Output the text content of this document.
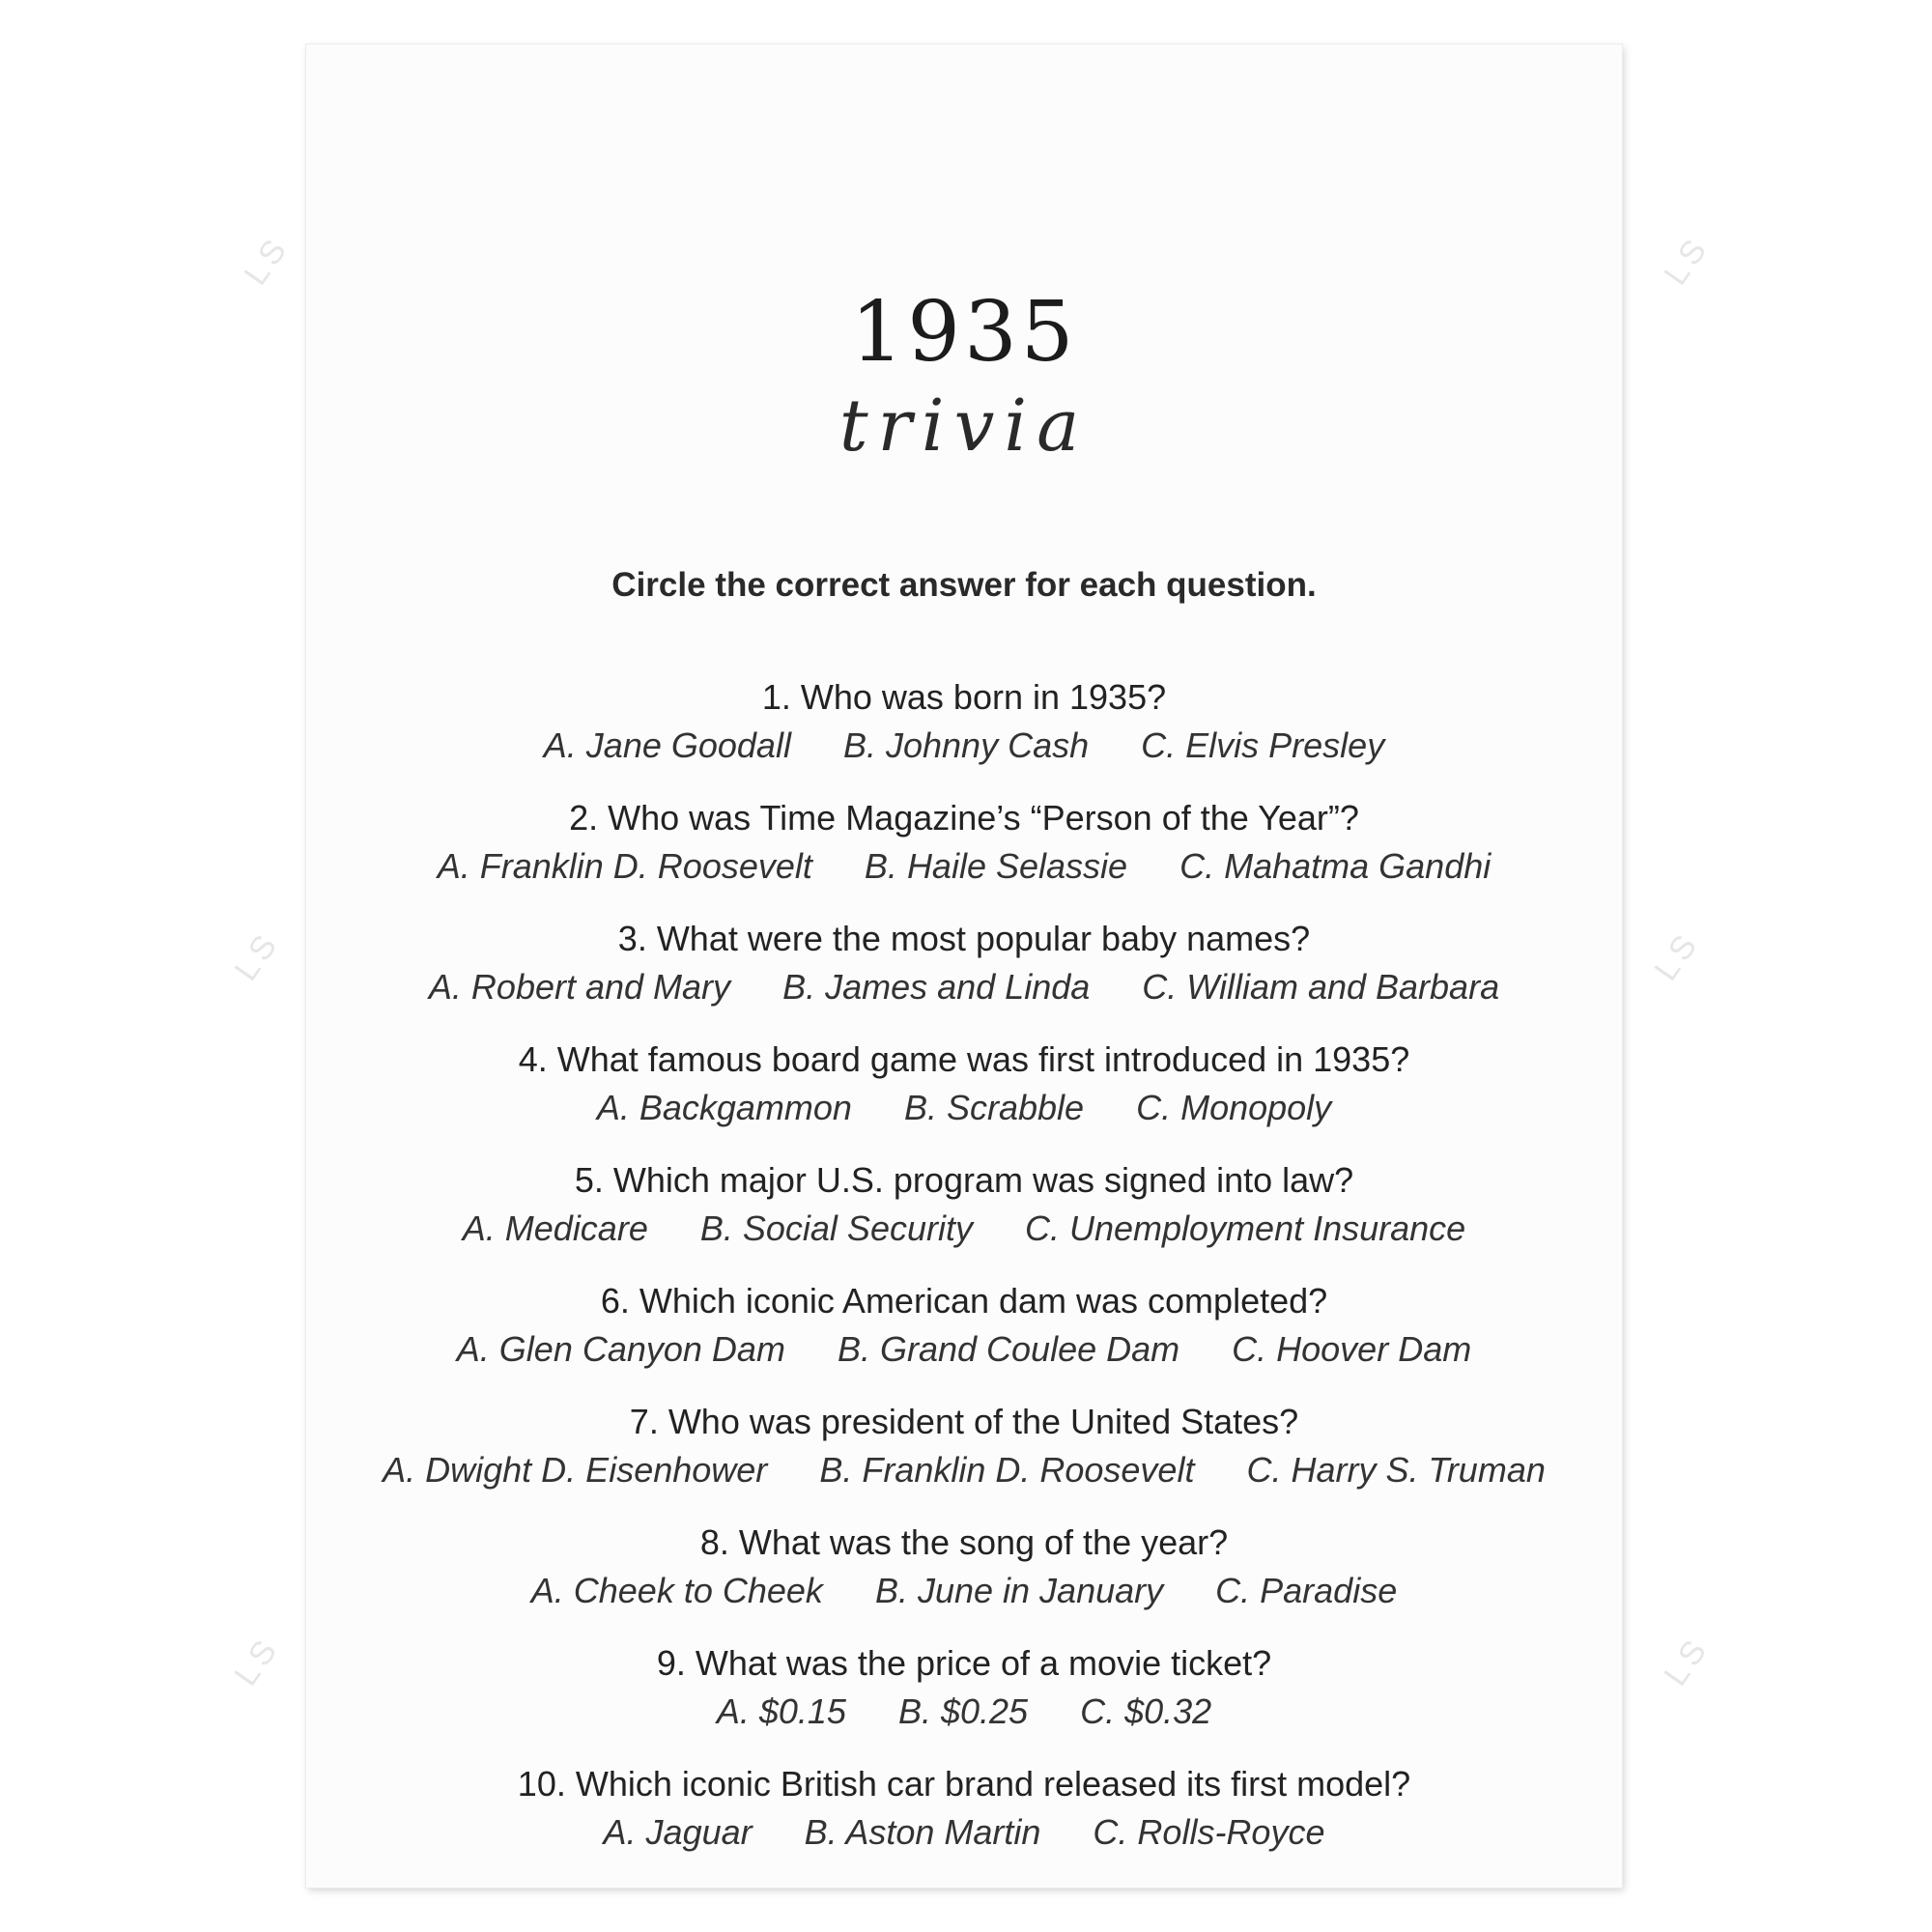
LS	LS
LS	LS
LS	LS
1935
trivia
Circle the correct answer for each question.
1. Who was born in 1935?
A. Jane Goodall B. Johnny Cash C. Elvis Presley
2. Who was Time Magazine’s “Person of the Year”?
A. Franklin D. Roosevelt B. Haile Selassie C. Mahatma Gandhi
3. What were the most popular baby names?
A. Robert and Mary B. James and Linda C. William and Barbara
4. What famous board game was first introduced in 1935?
A. Backgammon B. Scrabble C. Monopoly
5. Which major U.S. program was signed into law?
A. Medicare B. Social Security C. Unemployment Insurance
6. Which iconic American dam was completed?
A. Glen Canyon Dam B. Grand Coulee Dam C. Hoover Dam
7. Who was president of the United States?
A. Dwight D. Eisenhower B. Franklin D. Roosevelt C. Harry S. Truman
8. What was the song of the year?
A. Cheek to Cheek B. June in January C. Paradise
9. What was the price of a movie ticket?
A. $0.15 B. $0.25 C. $0.32
10. Which iconic British car brand released its first model?
A. Jaguar B. Aston Martin C. Rolls-Royce
